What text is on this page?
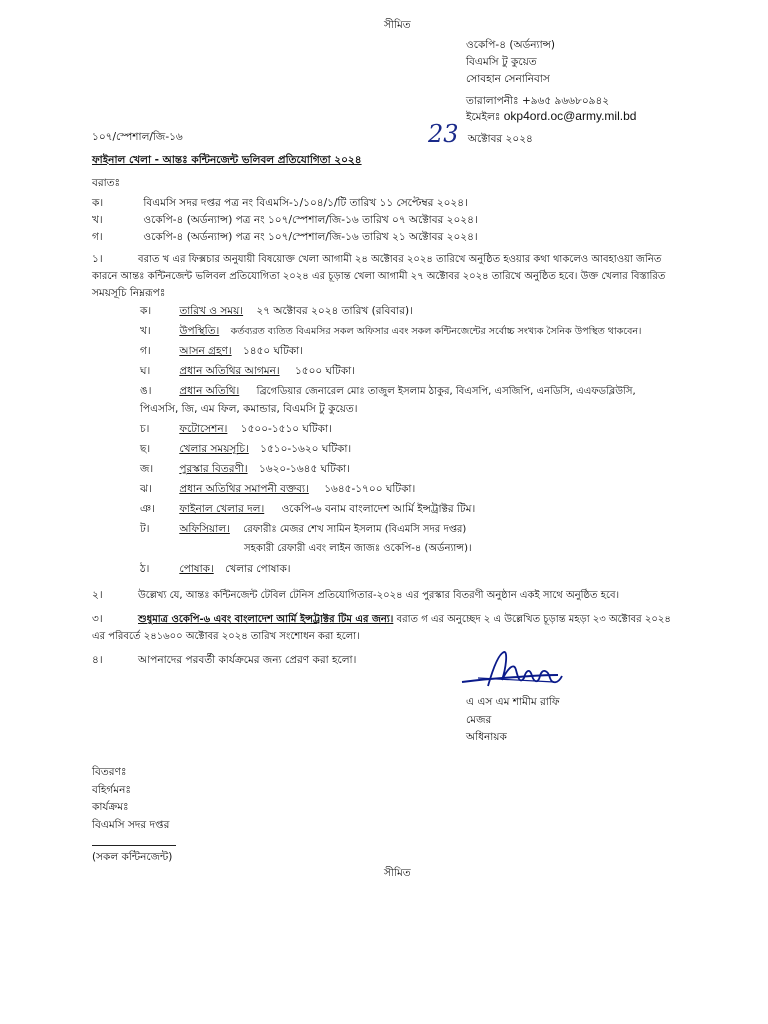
সীমিত
ওকেপি-৪ (অর্ডন্যান্স)
বিএমসি টু কুয়েত
সোবহান সেনানিবাস
তারালাপনীঃ +৯৬৫ ৯৬৬৮০৯৪২
ইমেইলঃ okp4ord.oc@army.mil.bd
১০৭/স্পেশাল/জি-১৬	23 অক্টোবর ২০২৪
ফাইনাল খেলা - আন্তঃ কন্টিনজেন্ট ভলিবল প্রতিযোগিতা ২০২৪
বরাতঃ
ক।	বিএমসি সদর দপ্তর পত্র নং বিএমসি-১/১০৪/১/টি তারিখ ১১ সেপ্টেম্বর ২০২৪।
খ।	ওকেপি-৪ (অর্ডন্যান্স) পত্র নং ১০৭/স্পেশাল/জি-১৬ তারিখ ০৭ অক্টোবর ২০২৪।
গ।	ওকেপি-৪ (অর্ডন্যান্স) পত্র নং ১০৭/স্পেশাল/জি-১৬ তারিখ ২১ অক্টোবর ২০২৪।
১।	বরাত খ এর ফিক্সচার অনুযায়ী বিষয়োক্ত খেলা আগামী ২৪ অক্টোবর ২০২৪ তারিখে অনুষ্ঠিত হওয়ার কথা থাকলেও আবহাওয়া জনিত
কারনে আন্তঃ কন্টিনজেন্ট ভলিবল প্রতিযোগিতা ২০২৪ এর চূড়ান্ত খেলা আগামী ২৭ অক্টোবর ২০২৪ তারিখে অনুষ্ঠিত হবে। উক্ত খেলার বিস্তারিত
সময়সূচি নিম্নরূপঃ
ক।	তারিখ ও সময়। ২৭ অক্টোবর ২০২৪ তারিখ (রবিবার)।
খ।	উপস্থিতি। কর্তব্যরত ব্যতিত বিএমসির সকল অফিসার এবং সকল কন্টিনজেন্টের সর্বোচ্চ সংখ্যক সৈনিক উপস্থিত থাকবেন।
গ।	আসন গ্রহণ। ১৪৫০ ঘটিকা।
ঘ।	প্রধান অতিথির আগমন। ১৫০০ ঘটিকা।
ঙ।	প্রধান অতিথি। ব্রিগেডিয়ার জেনারেল মোঃ তাজুল ইসলাম ঠাকুর, বিএসপি, এসজিপি, এনডিসি, এএফডব্লিউসি,
পিএসসি, জি, এম ফিল, কমান্ডার, বিএমসি টু কুয়েত।
চ।	ফটোসেশন। ১৫০০-১৫১০ ঘটিকা।
ছ।	খেলার সময়সূচি। ১৫১০-১৬২০ ঘটিকা।
জ। পুরস্কার বিতরণী। ১৬২০-১৬৪৫ ঘটিকা।
ঝ।	প্রধান অতিথির সমাপনী বক্তব্য। ১৬৪৫-১৭০০ ঘটিকা।
ঞ। ফাইনাল খেলার দল। ওকেপি-৬ বনাম বাংলাদেশ আর্মি ইন্সট্রাক্টর টিম।
ট।	অফিসিয়াল। রেফারীঃ মেজর শেখ সামিন ইসলাম (বিএমসি সদর দপ্তর)
সহকারী রেফারী এবং লাইন জাজঃ ওকেপি-৪ (অর্ডন্যান্স)।
ঠ।	পোষাক। খেলার পোষাক।
২।	উল্লেখ্য যে, আন্তঃ কন্টিনজেন্ট টেবিল টেনিস প্রতিযোগিতার-২০২৪ এর পুরস্কার বিতরণী অনুষ্ঠান একই সাথে অনুষ্ঠিত হবে।
৩।	শুধুমাত্র ওকেপি-৬ এবং বাংলাদেশ আর্মি ইন্সট্রাক্টর টিম এর জন্য। বরাত গ এর অনুচ্ছেদ ২ এ উল্লেখিত চূড়ান্ত মহড়া ২৩ অক্টোবর ২০২৪
এর পরিবর্তে ২৪১৬০০ অক্টোবর ২০২৪ তারিখ সংশোধন করা হলো।
৪।	আপনাদের পরবর্তী কার্যক্রমের জন্য প্রেরণ করা হলো।
এ এস এম শামীম রাফি
মেজর
অধিনায়ক
বিতরণঃ
বহির্গমনঃ
কার্যক্রমঃ
বিএমসি সদর দপ্তর
(সকল কন্টিনজেন্ট)
সীমিত
